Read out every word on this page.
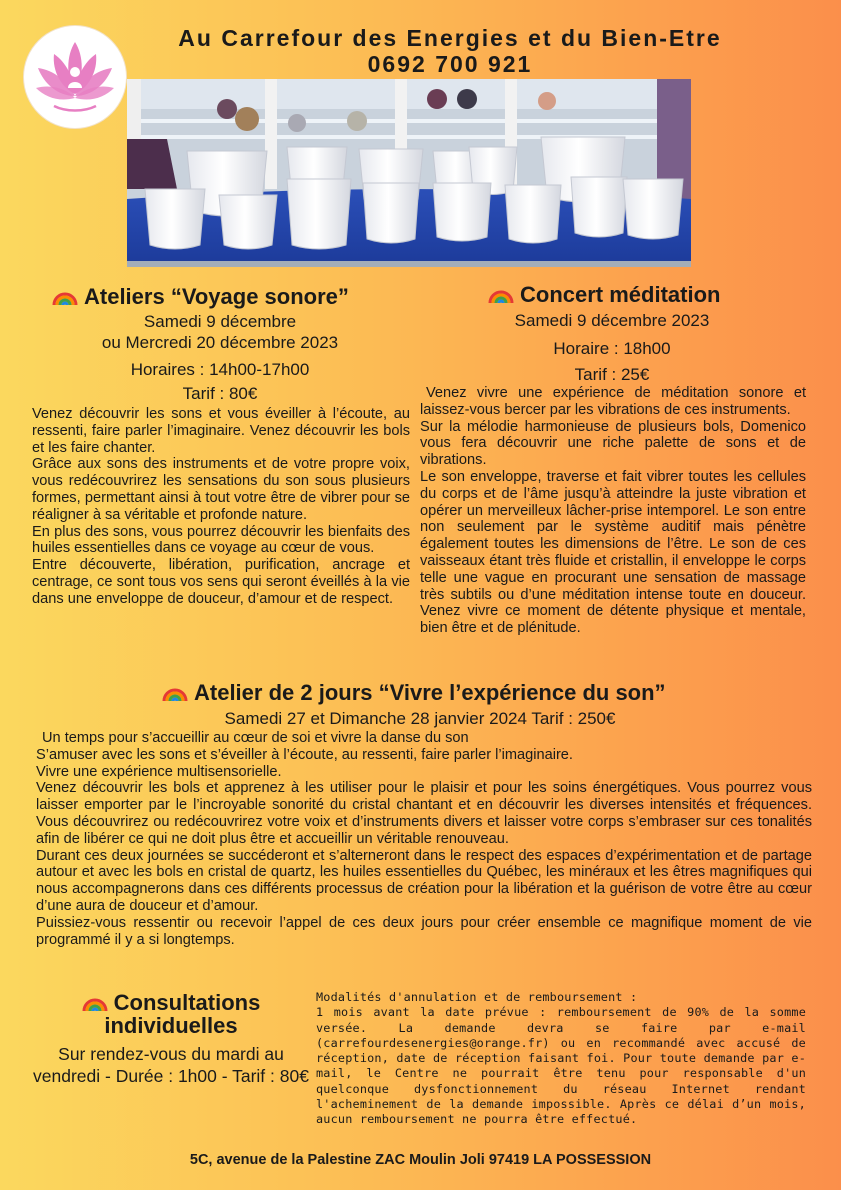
Au Carrefour des Energies et du Bien-Etre
0692 700 921
Ateliers “Voyage sonore”
Samedi 9 décembre
ou Mercredi 20 décembre 2023
Horaires : 14h00-17h00
Tarif : 80€

Venez découvrir les sons et vous éveiller à l’écoute, au ressenti, faire parler l’imaginaire. Venez découvrir les bols et les faire chanter.

Grâce aux sons des instruments et de votre propre voix, vous redécouvrirez les sensations du son sous plusieurs formes, permettant ainsi à tout votre être de vibrer pour se réaligner à sa véritable et profonde nature.

En plus des sons, vous pourrez découvrir les bienfaits des huiles essentielles dans ce voyage au cœur de vous.

Entre découverte, libération, purification, ancrage et centrage, ce sont tous vos sens qui seront éveillés à la vie dans une enveloppe de douceur, d’amour et de respect.

Concert méditation
Samedi 9 décembre 2023
Horaire : 18h00
Tarif : 25€

Venez vivre une expérience de méditation sonore et laissez-vous bercer par les vibrations de ces instruments.

Sur la mélodie harmonieuse de plusieurs bols, Domenico vous fera découvrir une riche palette de sons et de vibrations.

Le son enveloppe, traverse et fait vibrer toutes les cellules du corps et de l’âme jusqu’à atteindre la juste vibration et opérer un merveilleux lâcher-prise intemporel. Le son entre non seulement par le système auditif mais pénètre également toutes les dimensions de l’être. Le son de ces vaisseaux étant très fluide et cristallin, il enveloppe le corps telle une vague en procurant une sensation de massage très subtils ou d’une méditation intense toute en douceur. Venez vivre ce moment de détente physique et mentale, bien être et de plénitude.

Atelier de 2 jours “Vivre l’expérience du son”
Samedi 27 et Dimanche 28 janvier 2024 Tarif : 250€

Un temps pour s’accueillir au cœur de soi et vivre la danse du son

S’amuser avec les sons et s’éveiller à l’écoute, au ressenti, faire parler l’imaginaire.

Vivre une expérience multisensorielle.

Venez découvrir les bols et apprenez à les utiliser pour le plaisir et pour les soins énergétiques. Vous pourrez vous laisser emporter par le l’incroyable sonorité du cristal chantant et en découvrir les diverses intensités et fréquences. Vous découvrirez ou redécouvrirez votre voix et d’instruments divers et laisser votre corps s’embraser sur ces tonalités afin de libérer ce qui ne doit plus être et accueillir un véritable renouveau.

Durant ces deux journées se succéderont et s’alterneront dans le respect des espaces d’expérimentation et de partage autour et avec les bols en cristal de quartz, les huiles essentielles du Québec, les minéraux et les êtres magnifiques qui nous accompagnerons dans ces différents processus de création pour la libération et la guérison de votre être au cœur d’une aura de douceur et d’amour.

Puissiez-vous ressentir ou recevoir l’appel de ces deux jours pour créer ensemble ce magnifique moment de vie programmé il y a si longtemps.

Consultations
individuelles
Sur rendez-vous du mardi au vendredi - Durée : 1h00 - Tarif : 80€

Modalités d'annulation et de remboursement :

1 mois avant la date prévue : remboursement de 90% de la somme versée. La demande devra se faire par e-mail (carrefourdesenergies@orange.fr) ou en recommandé avec accusé de réception, date de réception faisant foi. Pour toute demande par e-mail, le Centre ne pourrait être tenu pour responsable d'un quelconque dysfonctionnement du réseau Internet rendant l'acheminement de la demande impossible. Après ce délai d’un mois, aucun remboursement ne pourra être effectué.

5C, avenue de la Palestine ZAC Moulin Joli 97419 LA POSSESSION
